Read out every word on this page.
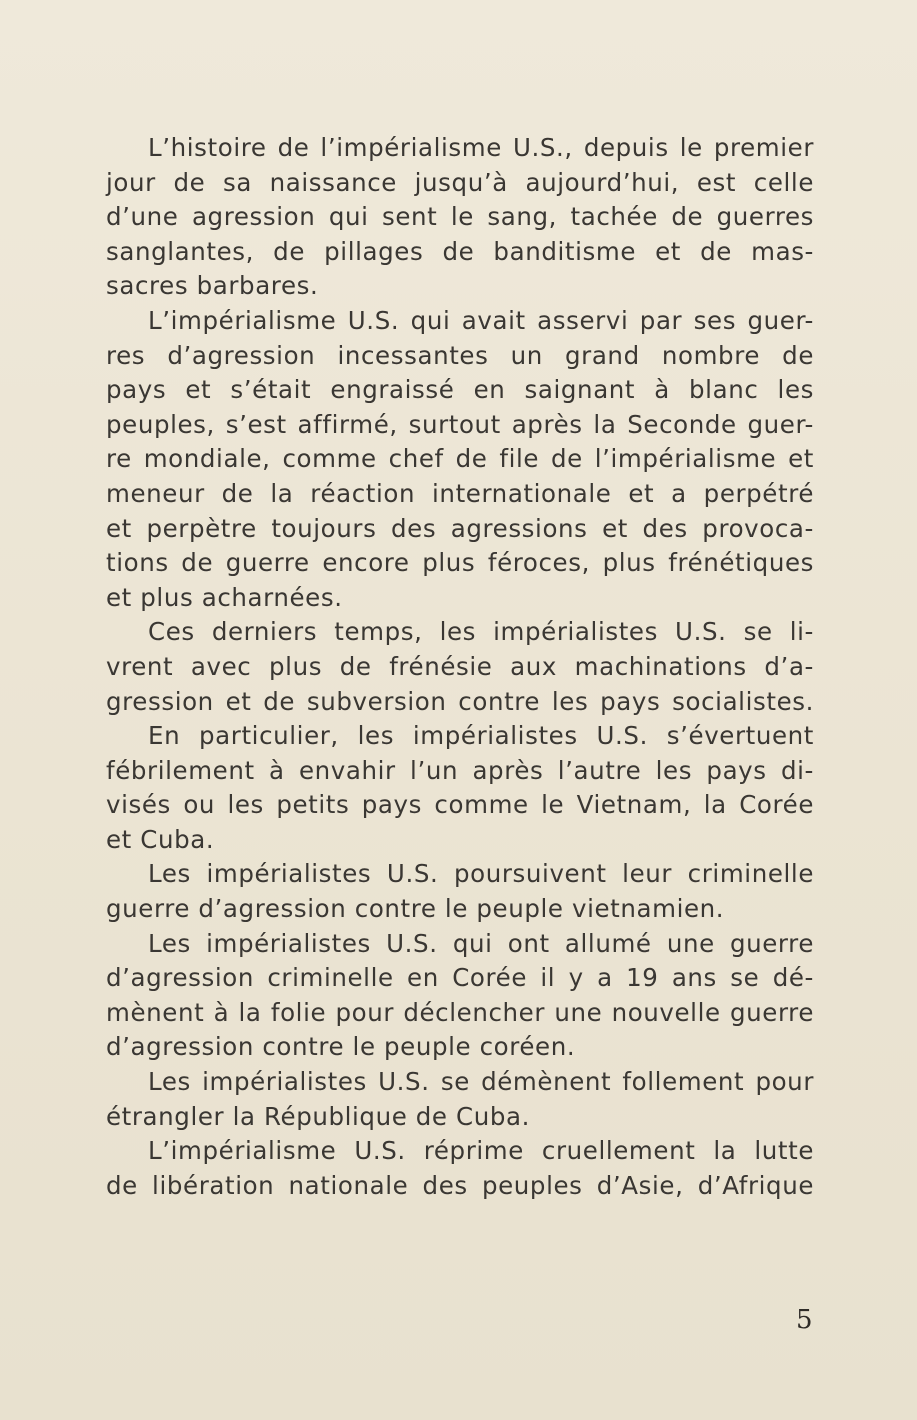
L’histoire de l’impérialisme U.S., depuis le premier
jour de sa naissance jusqu’à aujourd’hui, est celle
d’une agression qui sent le sang, tachée de guerres
sanglantes, de pillages de banditisme et de mas-
sacres barbares.
L’impérialisme U.S. qui avait asservi par ses guer-
res d’agression incessantes un grand nombre de
pays et s’était engraissé en saignant à blanc les
peuples, s’est affirmé, surtout après la Seconde guer-
re mondiale, comme chef de file de l’impérialisme et
meneur de la réaction internationale et a perpétré
et perpètre toujours des agressions et des provoca-
tions de guerre encore plus féroces, plus frénétiques
et plus acharnées.
Ces derniers temps, les impérialistes U.S. se li-
vrent avec plus de frénésie aux machinations d’a-
gression et de subversion contre les pays socialistes.
En particulier, les impérialistes U.S. s’évertuent
fébrilement à envahir l’un après l’autre les pays di-
visés ou les petits pays comme le Vietnam, la Corée
et Cuba.
Les impérialistes U.S. poursuivent leur criminelle
guerre d’agression contre le peuple vietnamien.
Les impérialistes U.S. qui ont allumé une guerre
d’agression criminelle en Corée il y a 19 ans se dé-
mènent à la folie pour déclencher une nouvelle guerre
d’agression contre le peuple coréen.
Les impérialistes U.S. se démènent follement pour
étrangler la République de Cuba.
L’impérialisme U.S. réprime cruellement la lutte
de libération nationale des peuples d’Asie, d’Afrique
5
